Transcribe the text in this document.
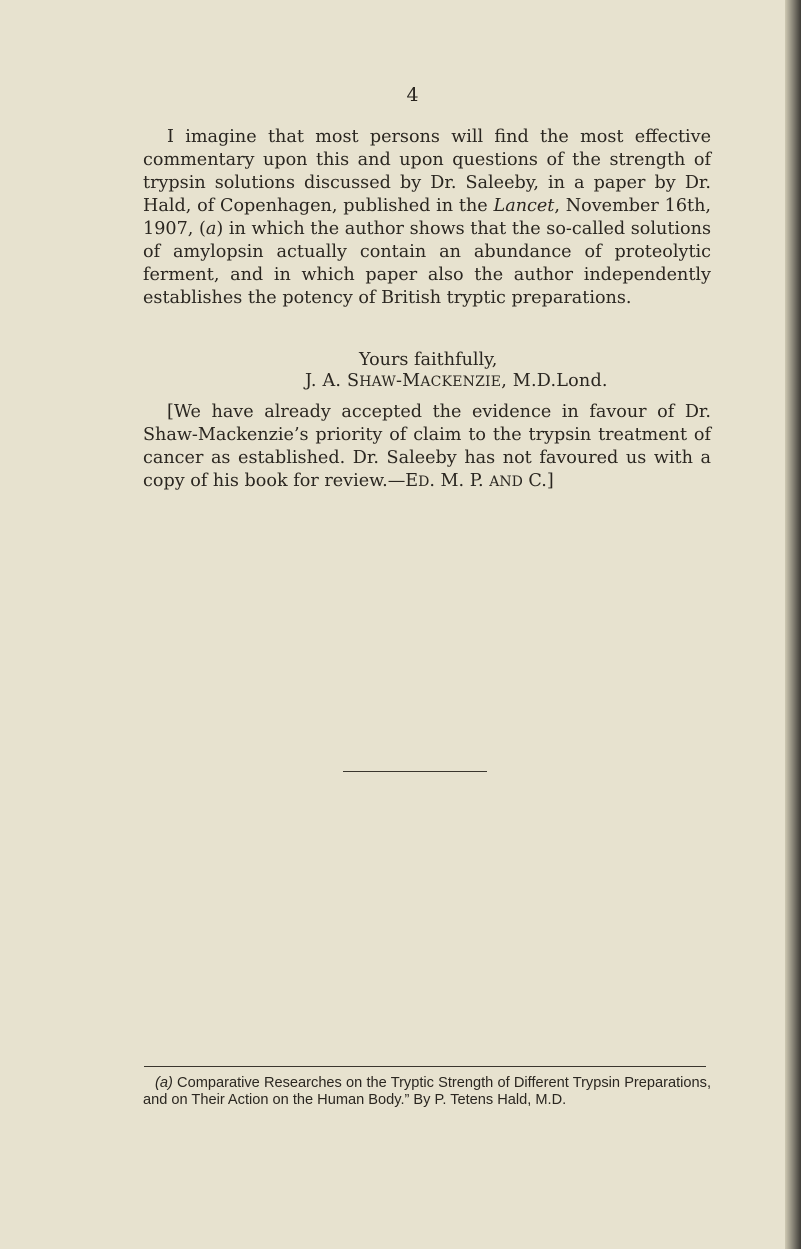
4
I imagine that most persons will find the most effective commentary upon this and upon questions of the strength of trypsin solutions discussed by Dr. Saleeby, in a paper by Dr. Hald, of Copenhagen, published in the Lancet, November 16th, 1907, (a) in which the author shows that the so-called solutions of amylopsin actually contain an abundance of proteolytic ferment, and in which paper also the author independently establishes the potency of British tryptic preparations.
Yours faithfully,
J. A. SHAW-MACKENZIE, M.D.Lond.
[We have already accepted the evidence in favour of Dr. Shaw-Mackenzie’s priority of claim to the trypsin treatment of cancer as established. Dr. Saleeby has not favoured us with a copy of his book for review.—ED. M. P. AND C.]
(a) Comparative Researches on the Tryptic Strength of Different Trypsin Preparations, and on Their Action on the Human Body.” By P. Tetens Hald, M.D.
